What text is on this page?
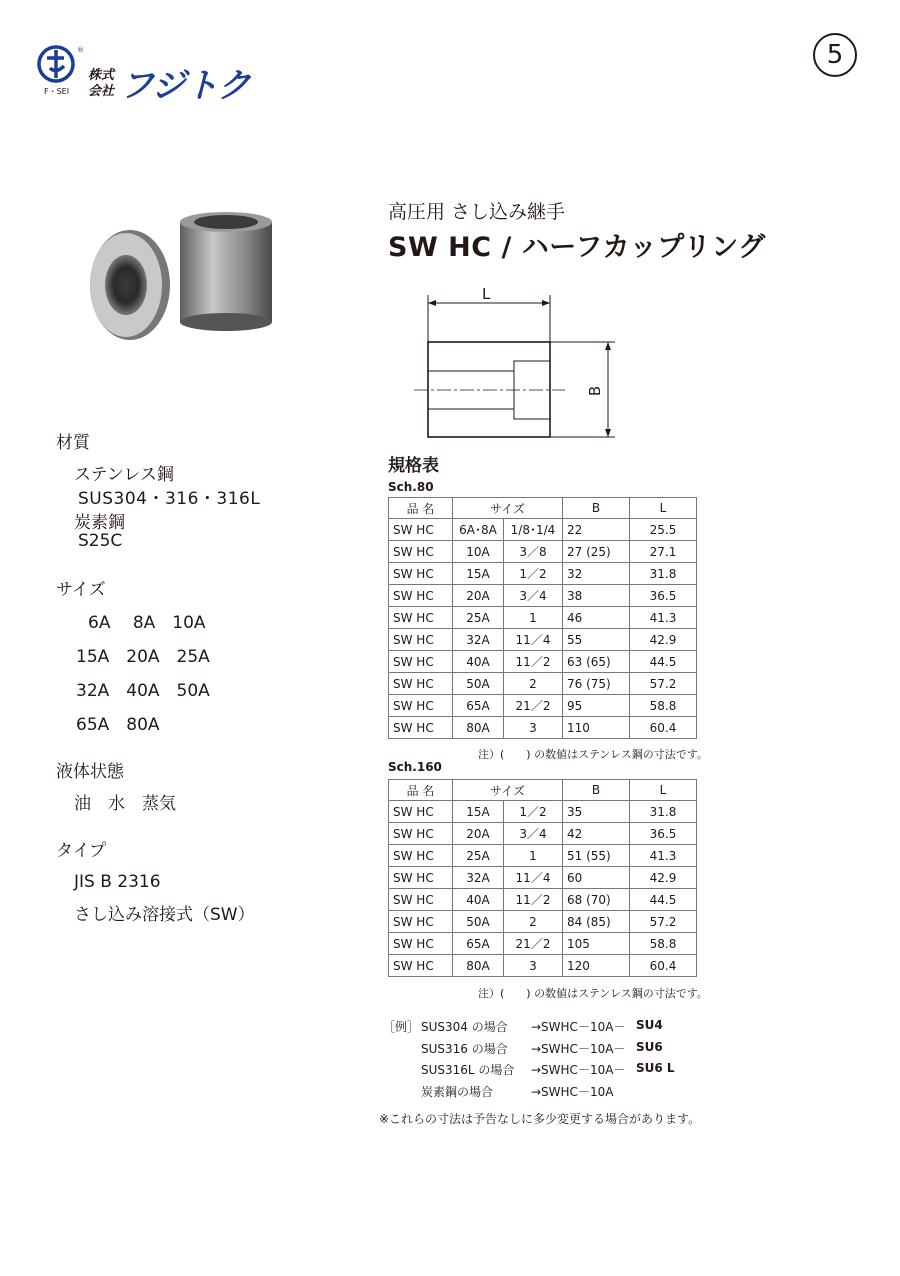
®
F・SEI
株式
会社 フジトク
5
高圧用 さし込み継手
SW HC / ハーフカップリング
L
B
材質
ステンレス鋼
SUS304・316・316L
炭素鋼
S25C
サイズ
6A　 8A　10A
15A　20A　25A
32A　40A　50A
65A　80A
液体状態
油　水　蒸気
タイプ
JIS B 2316
さし込み溶接式（SW）
規格表
Sch.80
品 名	サイズ		B	L
SW HC	6A･8A	1/8･1/4	22	25.5
SW HC	10A	3／8	27 (25)	27.1
SW HC	15A	1／2	32	31.8
SW HC	20A	3／4	38	36.5
SW HC	25A	1	46	41.3
SW HC	32A	11／4	55	42.9
SW HC	40A	11／2	63 (65)	44.5
SW HC	50A	2	76 (75)	57.2
SW HC	65A	21／2	95	58.8
SW HC	80A	3	110	60.4
注）(　　) の数値はステンレス鋼の寸法です。
Sch.160
品 名	サイズ		B	L
SW HC	15A	1／2	35	31.8
SW HC	20A	3／4	42	36.5
SW HC	25A	1	51 (55)	41.3
SW HC	32A	11／4	60	42.9
SW HC	40A	11／2	68 (70)	44.5
SW HC	50A	2	84 (85)	57.2
SW HC	65A	21／2	105	58.8
SW HC	80A	3	120	60.4
注）(　　) の数値はステンレス鋼の寸法です。
［例］ SUS304 の場合 →SWHC－10A－ SU4
SUS316 の場合 →SWHC－10A－ SU6
SUS316L の場合 →SWHC－10A－ SU6 L
炭素鋼の場合	→SWHC－10A
※これらの寸法は予告なしに多少変更する場合があります。
